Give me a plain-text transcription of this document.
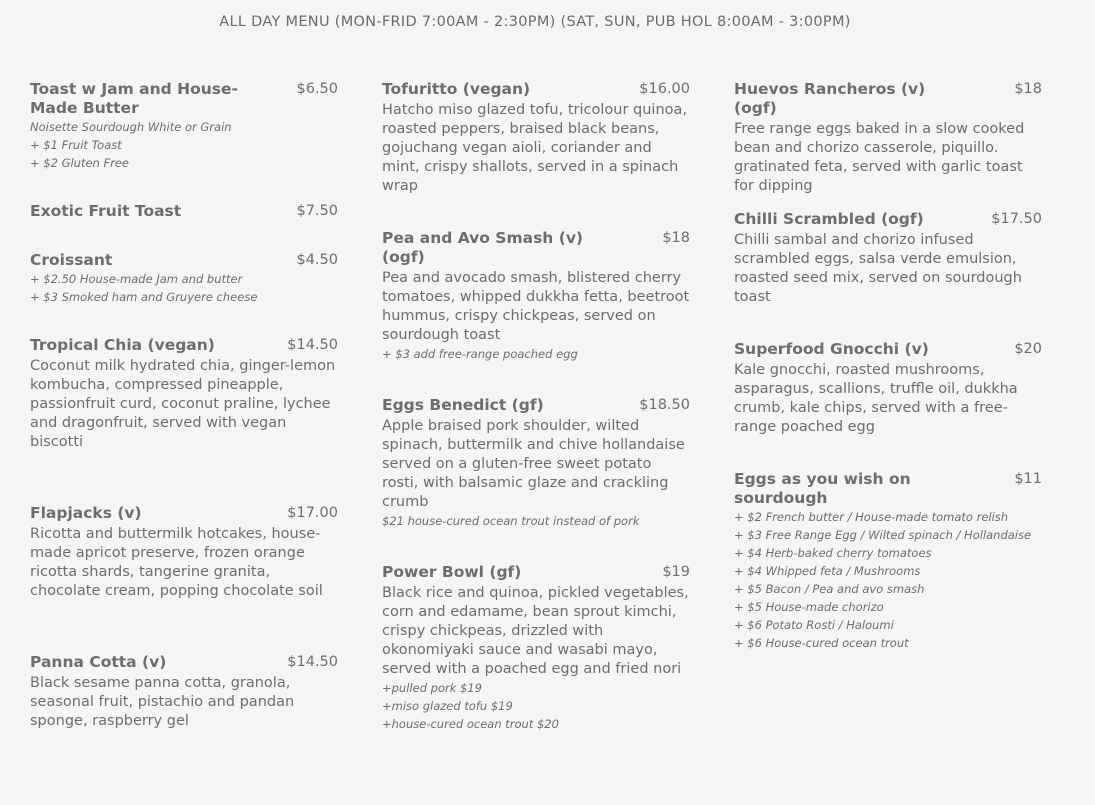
ALL DAY MENU (MON-FRID 7:00AM - 2:30PM) (SAT, SUN, PUB HOL 8:00AM - 3:00PM)
Toast w Jam and House-Made Butter
$6.50
Noisette Sourdough White or Grain
+ $1 Fruit Toast
+ $2 Gluten Free
Exotic Fruit Toast	$7.50
Croissant	$4.50
+ $2.50 House-made Jam and butter
+ $3 Smoked ham and Gruyere cheese
Tropical Chia (vegan)	$14.50
Coconut milk hydrated chia, ginger-lemon kombucha, compressed pineapple, passionfruit curd, coconut praline, lychee and dragonfruit, served with vegan biscotti
Flapjacks (v)	$17.00
Ricotta and buttermilk hotcakes, house-made apricot preserve, frozen orange ricotta shards, tangerine granita, chocolate cream, popping chocolate soil
Panna Cotta (v)	$14.50
Black sesame panna cotta, granola, seasonal fruit, pistachio and pandan sponge, raspberry gel
Tofuritto (vegan)	$16.00
Hatcho miso glazed tofu, tricolour quinoa, roasted peppers, braised black beans, gojuchang vegan aioli, coriander and mint, crispy shallots, served in a spinach wrap
Pea and Avo Smash (v) (ogf)
$18
Pea and avocado smash, blistered cherry tomatoes, whipped dukkha fetta, beetroot hummus, crispy chickpeas, served on sourdough toast
+ $3 add free-range poached egg
Eggs Benedict (gf)	$18.50
Apple braised pork shoulder, wilted spinach, buttermilk and chive hollandaise served on a gluten-free sweet potato rosti, with balsamic glaze and crackling crumb
$21 house-cured ocean trout instead of pork
Power Bowl (gf)	$19
Black rice and quinoa, pickled vegetables, corn and edamame, bean sprout kimchi, crispy chickpeas, drizzled with okonomiyaki sauce and wasabi mayo, served with a poached egg and fried nori
+pulled pork $19
+miso glazed tofu $19
+house-cured ocean trout $20
Huevos Rancheros (v) (ogf)
$18
Free range eggs baked in a slow cooked bean and chorizo casserole, piquillo. gratinated feta, served with garlic toast for dipping
Chilli Scrambled (ogf)	$17.50
Chilli sambal and chorizo infused scrambled eggs, salsa verde emulsion, roasted seed mix, served on sourdough toast
Superfood Gnocchi (v)	$20
Kale gnocchi, roasted mushrooms, asparagus, scallions, truffle oil, dukkha crumb, kale chips, served with a free-range poached egg
Eggs as you wish on sourdough
$11
+ $2 French butter / House-made tomato relish
+ $3 Free Range Egg / Wilted spinach / Hollandaise
+ $4 Herb-baked cherry tomatoes
+ $4 Whipped feta / Mushrooms
+ $5 Bacon / Pea and avo smash
+ $5 House-made chorizo
+ $6 Potato Rosti / Haloumi
+ $6 House-cured ocean trout
